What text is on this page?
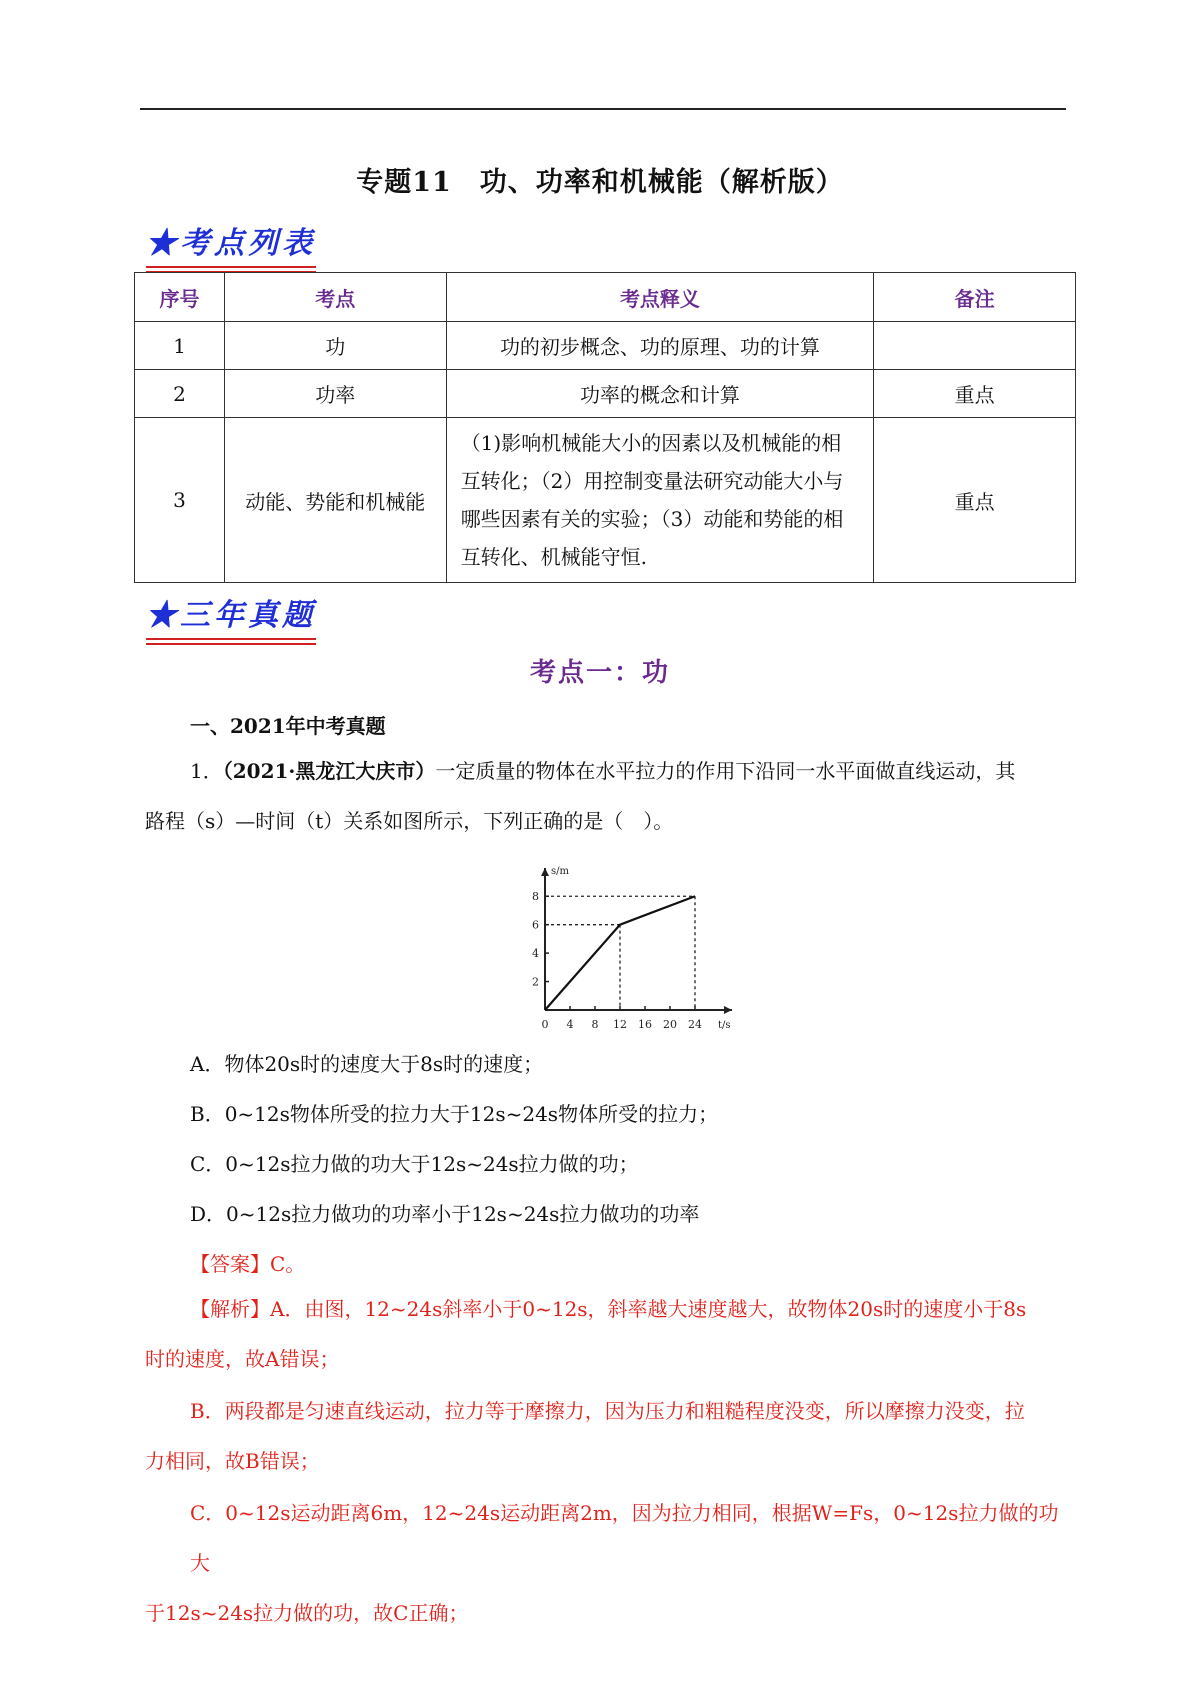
专题11　功、功率和机械能（解析版）
★考点列表
序号	考点	考点释义	备注
1	功	功的初步概念、功的原理、功的计算	
2	功率	功率的概念和计算	重点
3	动能、势能和机械能	（1)影响机械能大小的因素以及机械能的相互转化；（2）用控制变量法研究动能大小与哪些因素有关的实验；（3）动能和势能的相互转化、机械能守恒.	重点
★三年真题
考点一：功
一、2021年中考真题
1．（2021·黑龙江大庆市）一定质量的物体在水平拉力的作用下沿同一水平面做直线运动，其
路程（s）—时间（t）关系如图所示，下列正确的是（　）。
0 4 8 12 16 20 24
2
4
6
8
s/m
t/s
A．物体20s时的速度大于8s时的速度；
B．0~12s物体所受的拉力大于12s~24s物体所受的拉力；
C．0~12s拉力做的功大于12s~24s拉力做的功；
D．0~12s拉力做功的功率小于12s~24s拉力做功的功率
【答案】C。
【解析】A．由图，12~24s斜率小于0~12s，斜率越大速度越大，故物体20s时的速度小于8s
时的速度，故A错误；
B．两段都是匀速直线运动，拉力等于摩擦力，因为压力和粗糙程度没变，所以摩擦力没变，拉
力相同，故B错误；
C．0~12s运动距离6m，12~24s运动距离2m，因为拉力相同，根据W=Fs，0~12s拉力做的功大
于12s~24s拉力做的功，故C正确；
